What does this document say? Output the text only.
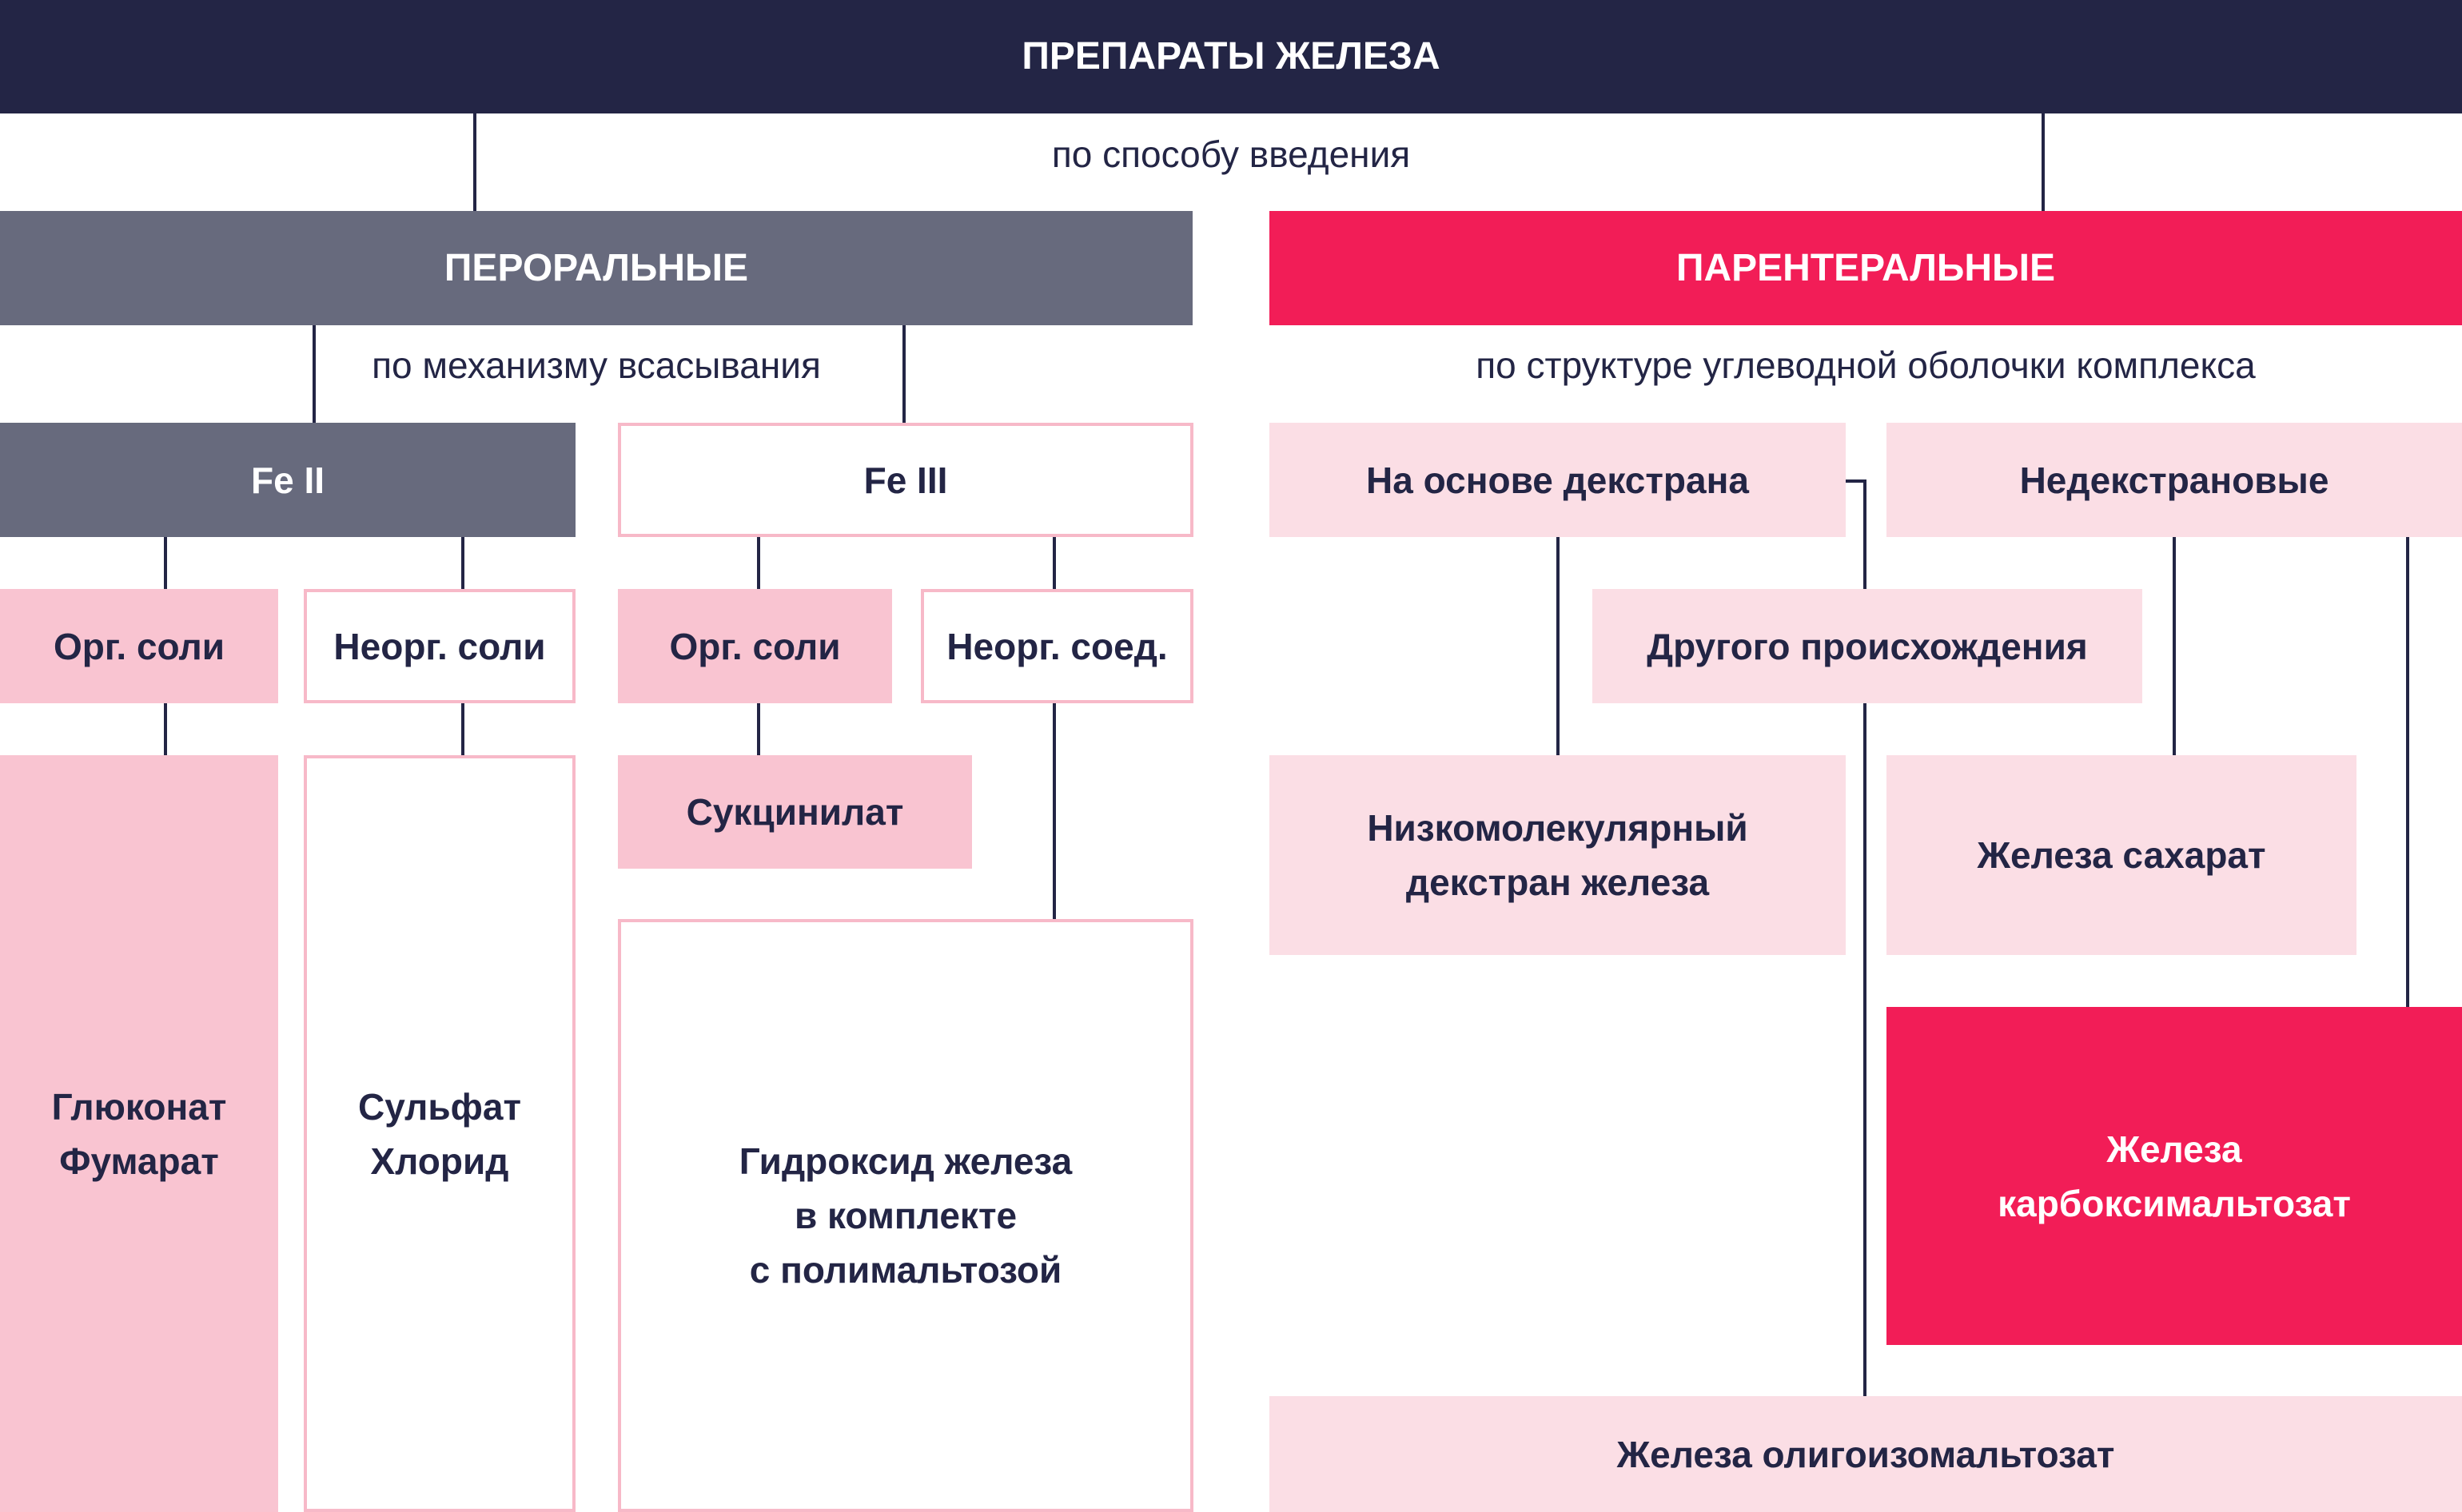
ПРЕПАРАТЫ ЖЕЛЕЗА
по способу введения
ПЕРОРАЛЬНЫЕ	ПАРЕНТЕРАЛЬНЫЕ
по механизму всасывания	по структуре углеводной оболочки комплекса
Fe II	Fe III
Орг. соли	Неорг. соли	Орг. соли	Неорг. соед.
Глюконат
Фумарат
Сульфат
Хлорид
Сукцинилат
Гидроксид железа
в комплекте
с полимальтозой
На основе декстрана	Недекстрановые
Другого происхождения
Низкомолекулярный
декстран железа
Железа сахарат
Железа
карбоксимальтозат
Железа олигоизомальтозат
